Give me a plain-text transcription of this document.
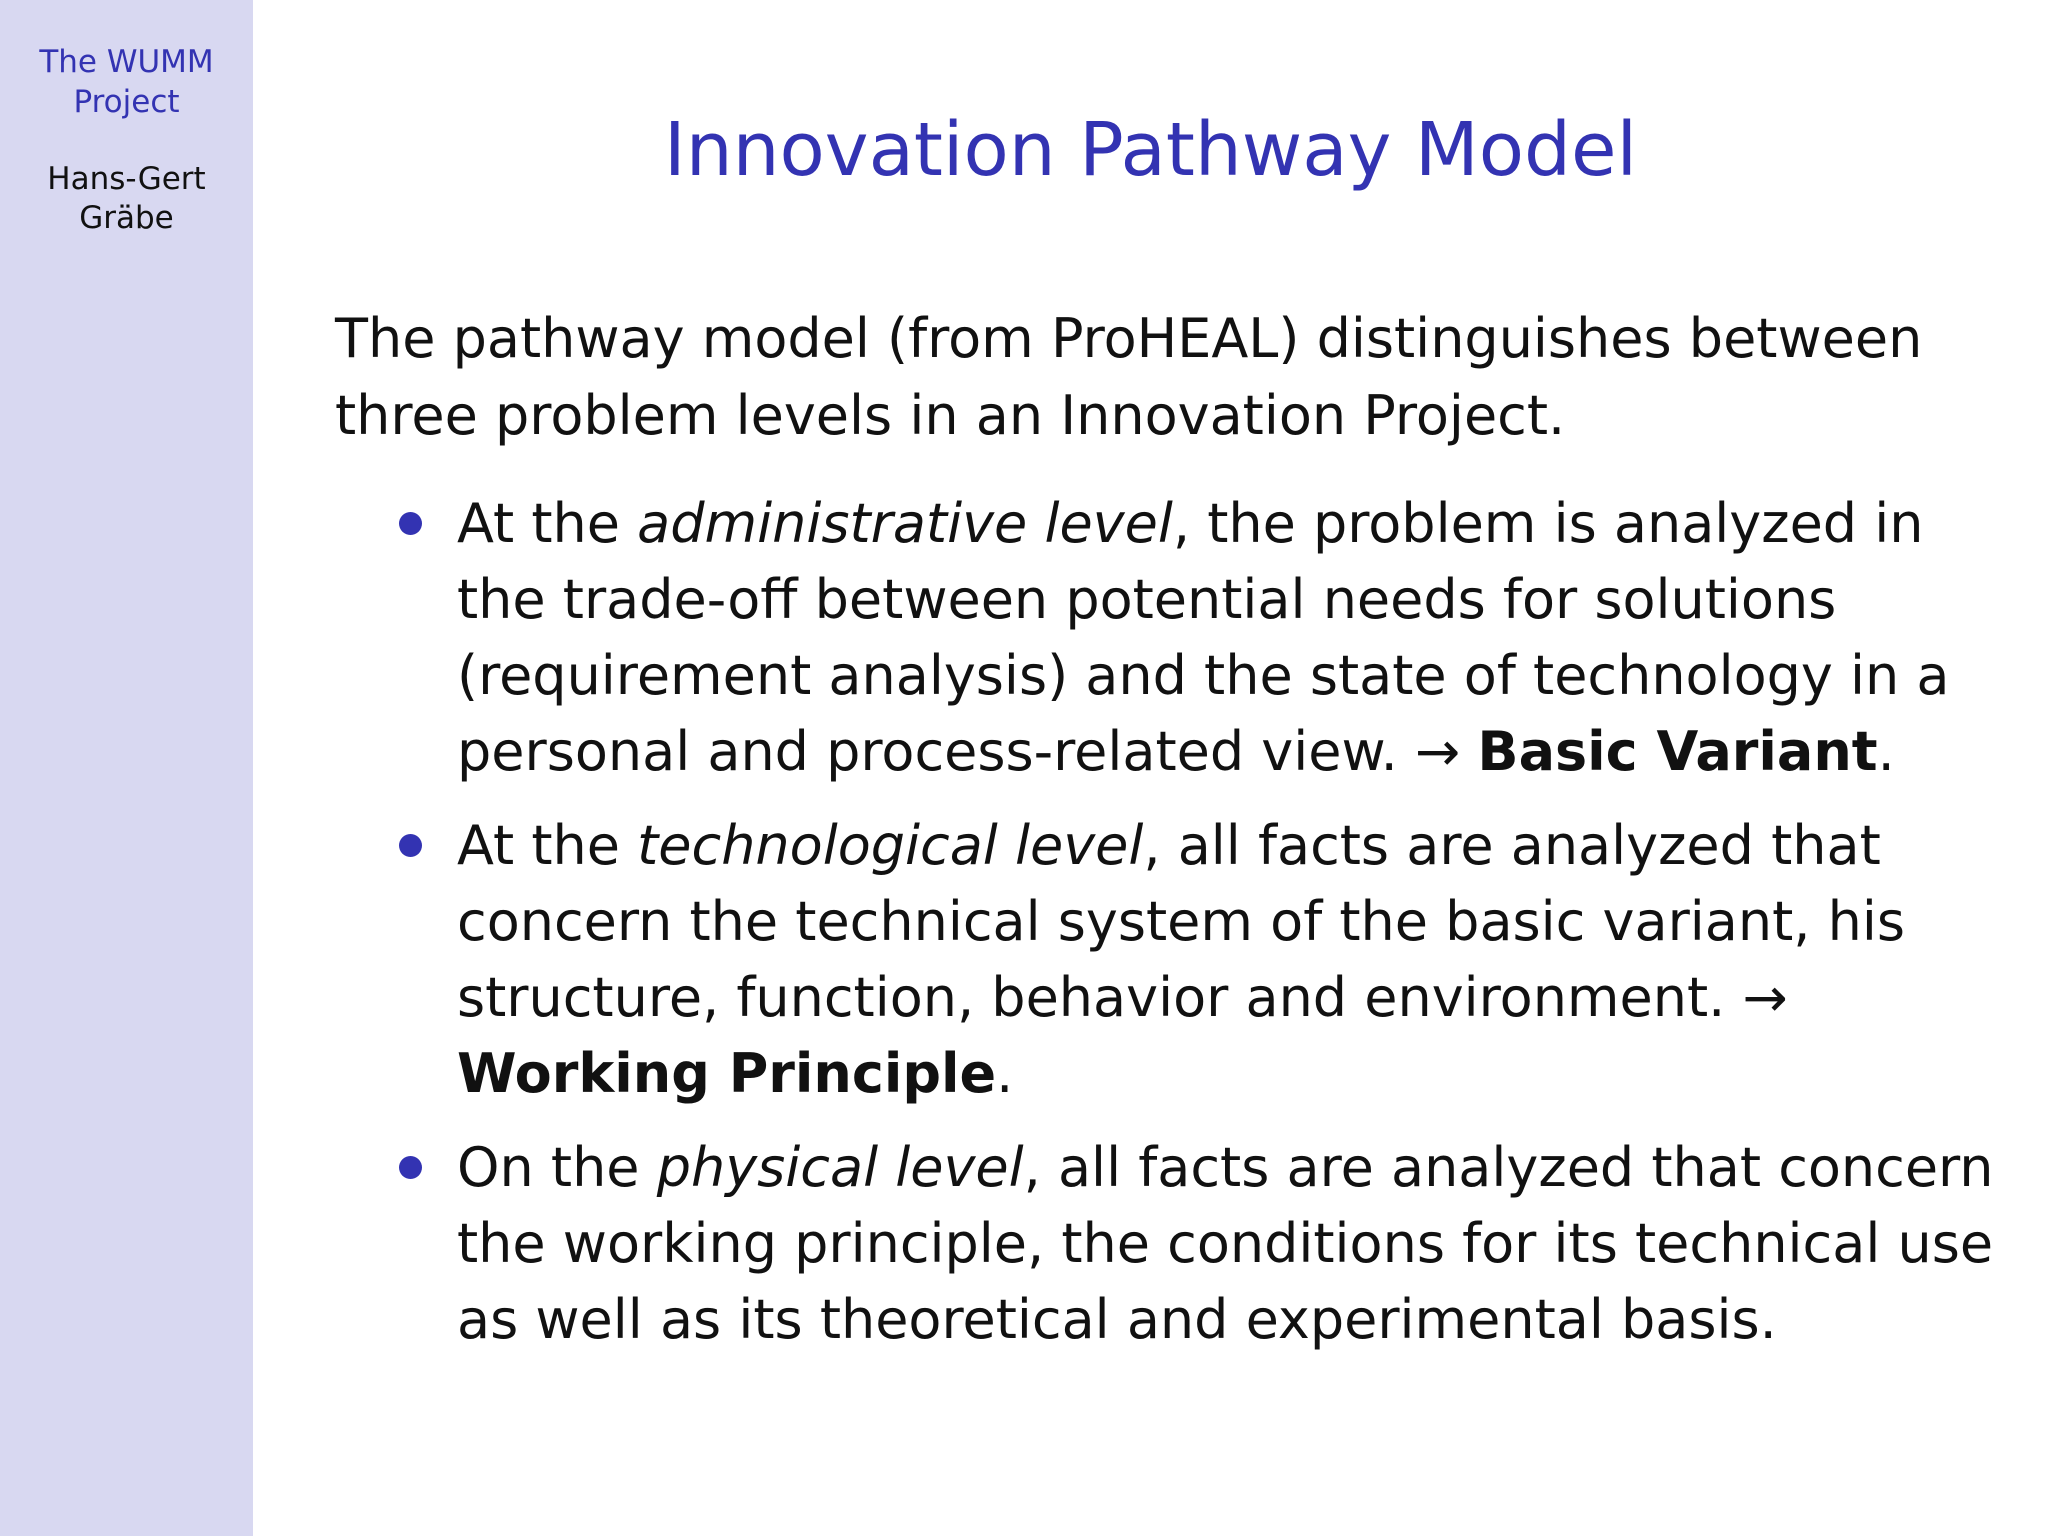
The WUMM
Project
Hans-Gert
Gräbe
Innovation Pathway Model

The pathway model (from ProHEAL) distinguishes between

three problem levels in an Innovation Project.

At the administrative level, the problem is analyzed in the trade-off between potential needs for solutions (requirement analysis) and the state of technology in a personal and process-related view. → Basic Variant.
At the technological level, all facts are analyzed that concern the technical system of the basic variant, his structure, function, behavior and environment. → Working Principle.
On the physical level, all facts are analyzed that concern the working principle, the conditions for its technical use as well as its theoretical and experimental basis.
